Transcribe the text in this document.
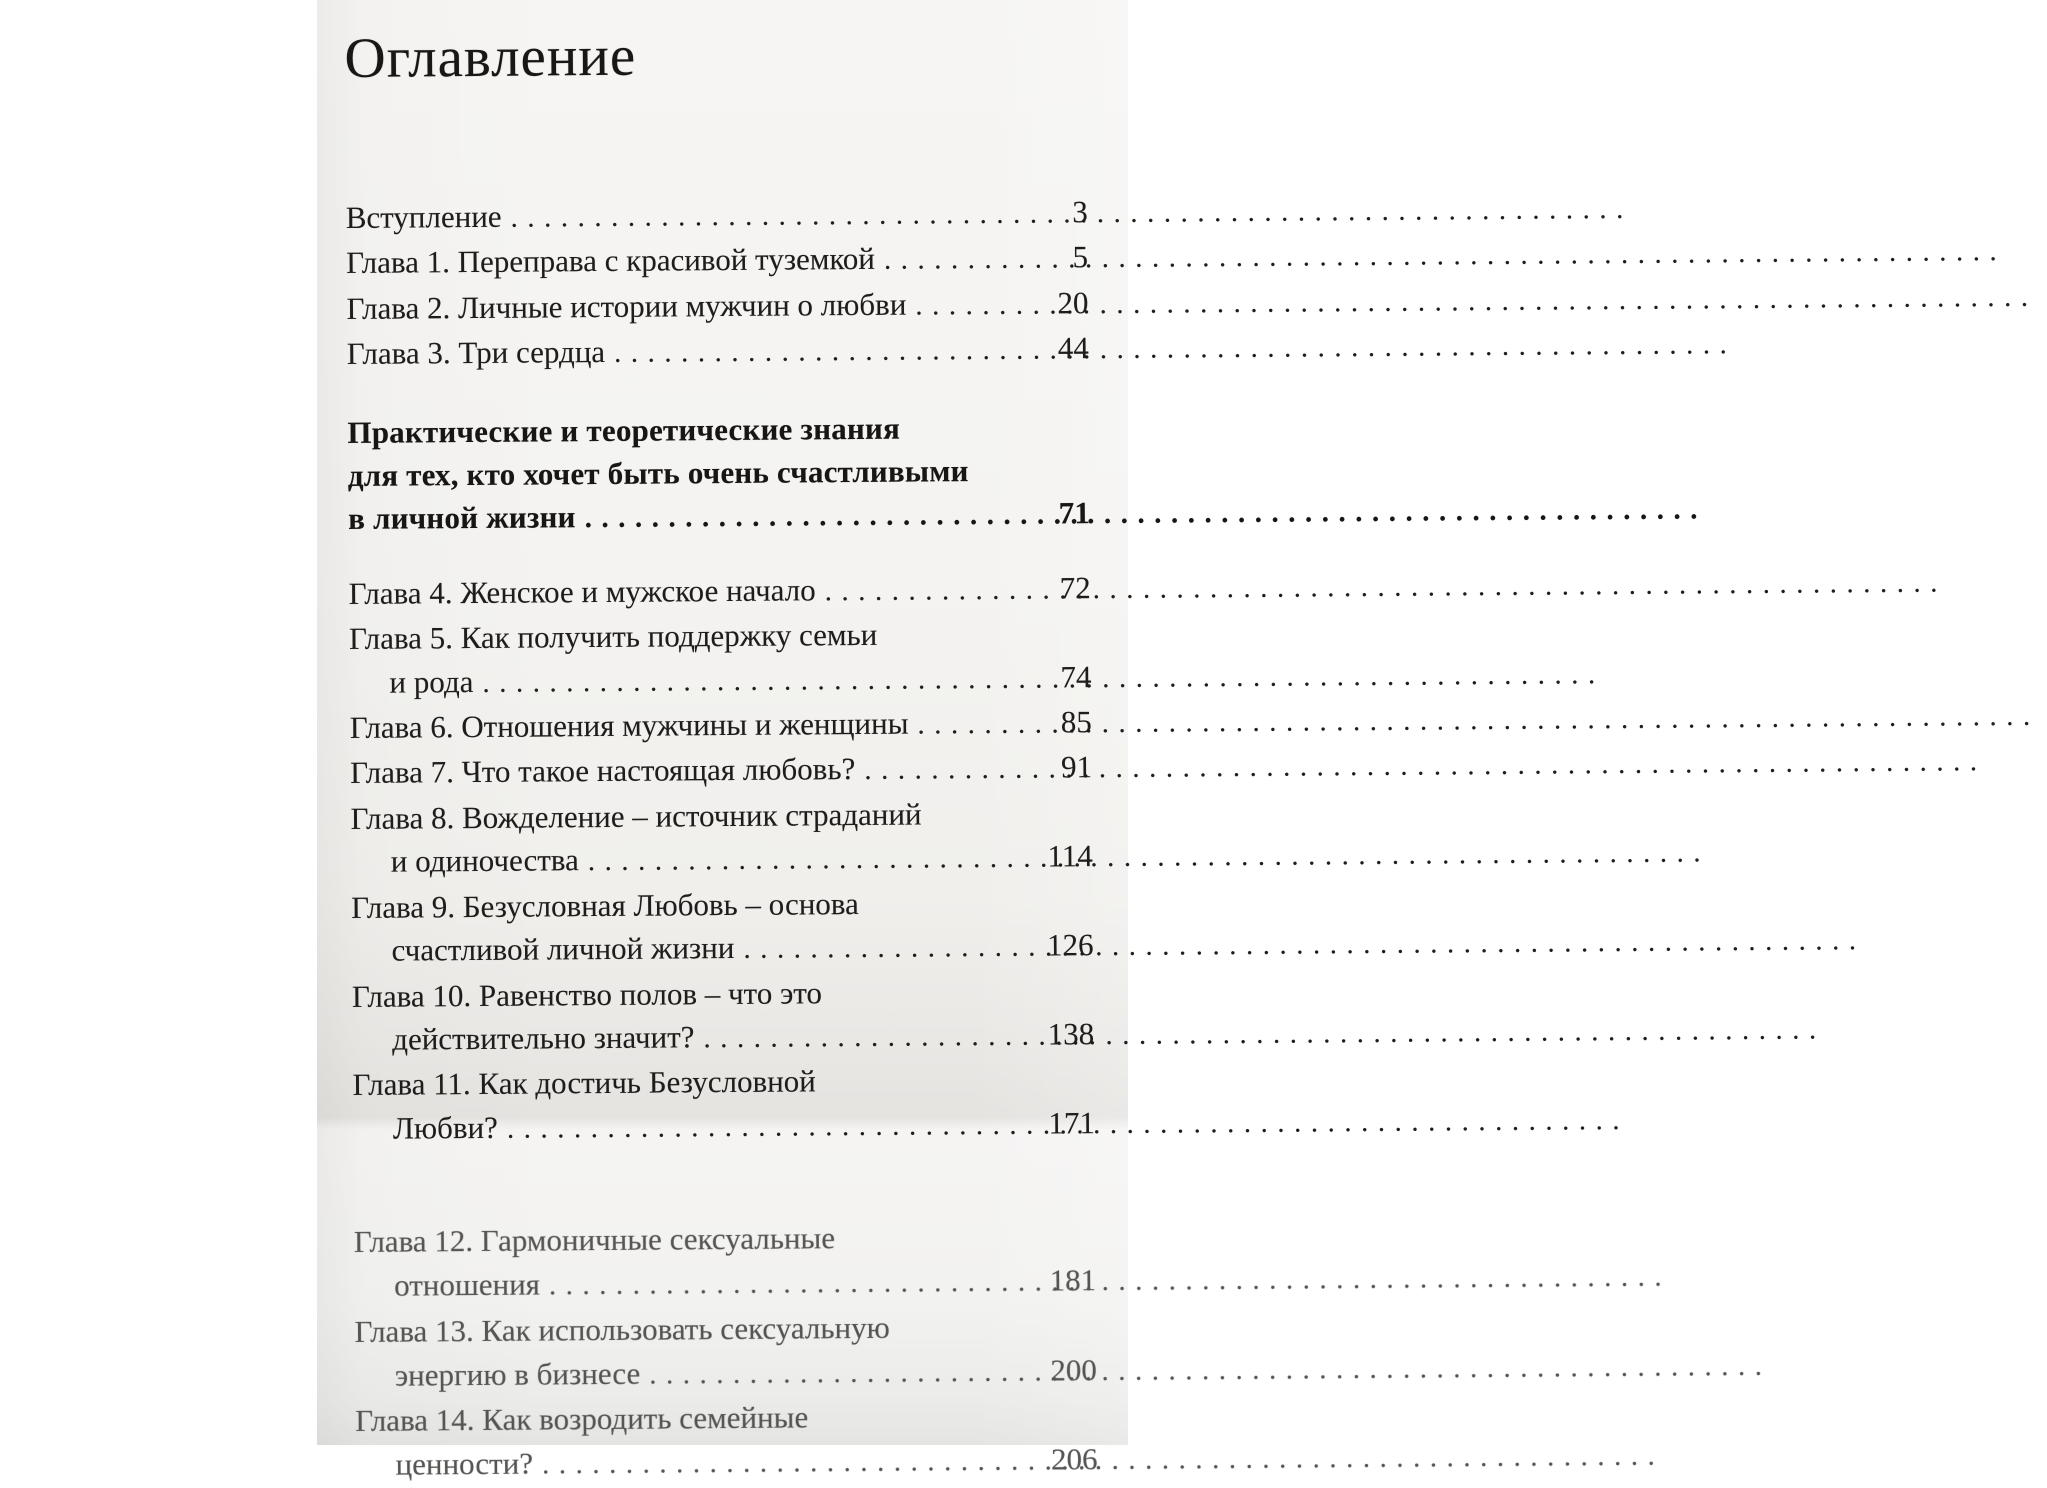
Оглавление
Вступление .....	3
Глава 1. Переправа с красивой туземкой .....	5
Глава 2. Личные истории мужчин о любви .....	20
Глава 3. Три сердца .....	44
Практические и теоретические знания
для тех, кто хочет быть очень счастливыми
в личной жизни .....	71
Глава 4. Женское и мужское начало .....	72
Глава 5. Как получить поддержку семьи
и рода .....	74
Глава 6. Отношения мужчины и женщины .....	85
Глава 7. Что такое настоящая любовь? .....	91
Глава 8. Вожделение – источник страданий
и одиночества .....	114
Глава 9. Безусловная Любовь – основа
счастливой личной жизни .....	126
Глава 10. Равенство полов – что это
действительно значит? .....	138
Глава 11. Как достичь Безусловной
Любви? .....	171
Глава 12. Гармоничные сексуальные
отношения .....	181
Глава 13. Как использовать сексуальную
энергию в бизнесе .....	200
Глава 14. Как возродить семейные
ценности? .....	206
